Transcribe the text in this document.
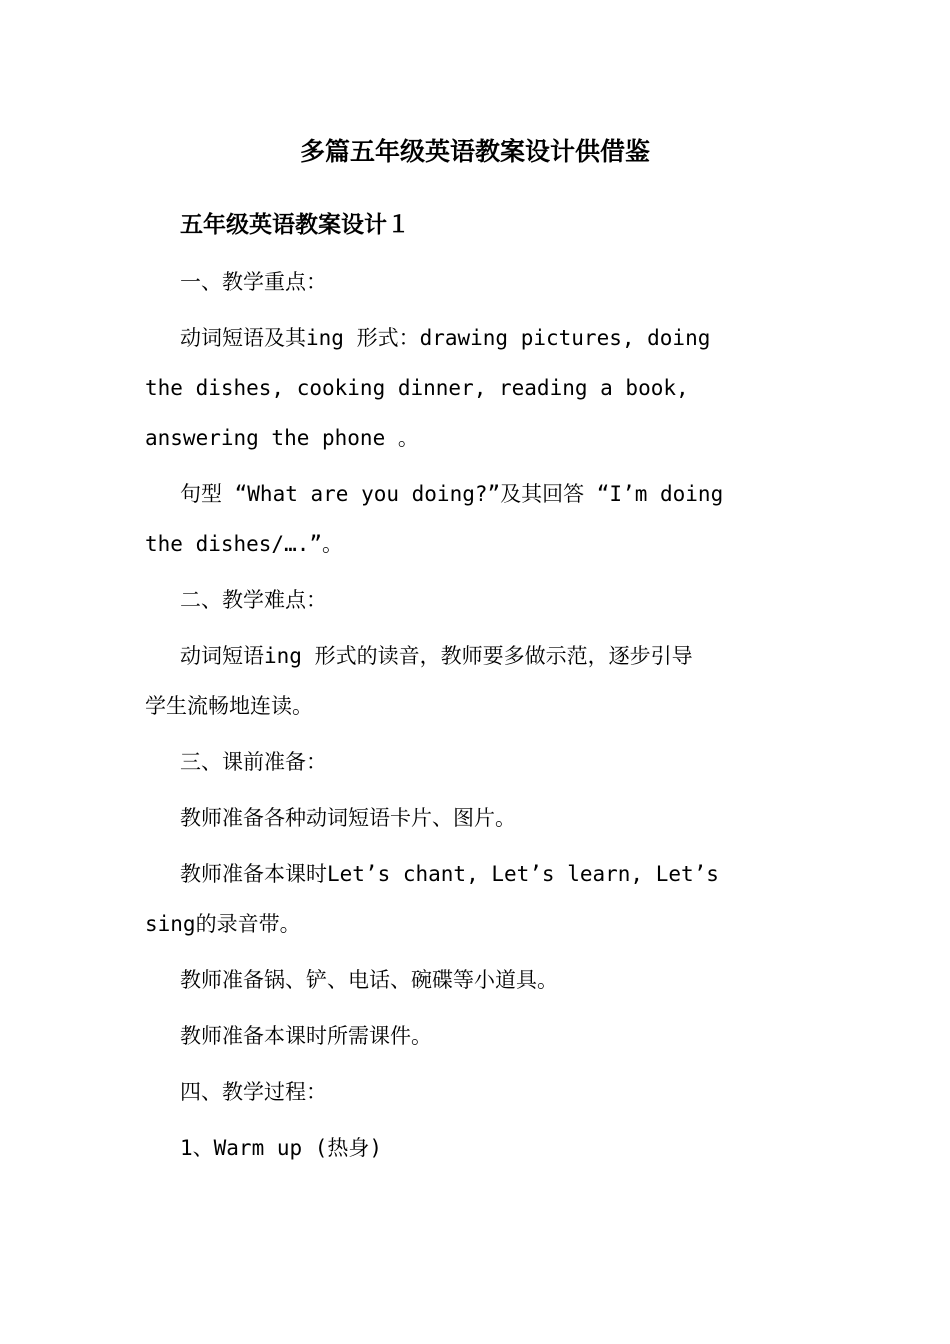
多篇五年级英语教案设计供借鉴
五年级英语教案设计１
一、教学重点：
动词短语及其ing 形式：drawing pictures, doing
the dishes, cooking dinner, reading a book,
answering the phone 。
句型 “What are you doing?”及其回答 “I’m doing
the dishes/….”。
二、教学难点：
动词短语ing 形式的读音，教师要多做示范，逐步引导
学生流畅地连读。
三、课前准备：
教师准备各种动词短语卡片、图片。
教师准备本课时Let’s chant, Let’s learn, Let’s
sing的录音带。
教师准备锅、铲、电话、碗碟等小道具。
教师准备本课时所需课件。
四、教学过程：
1、Warm up (热身)
